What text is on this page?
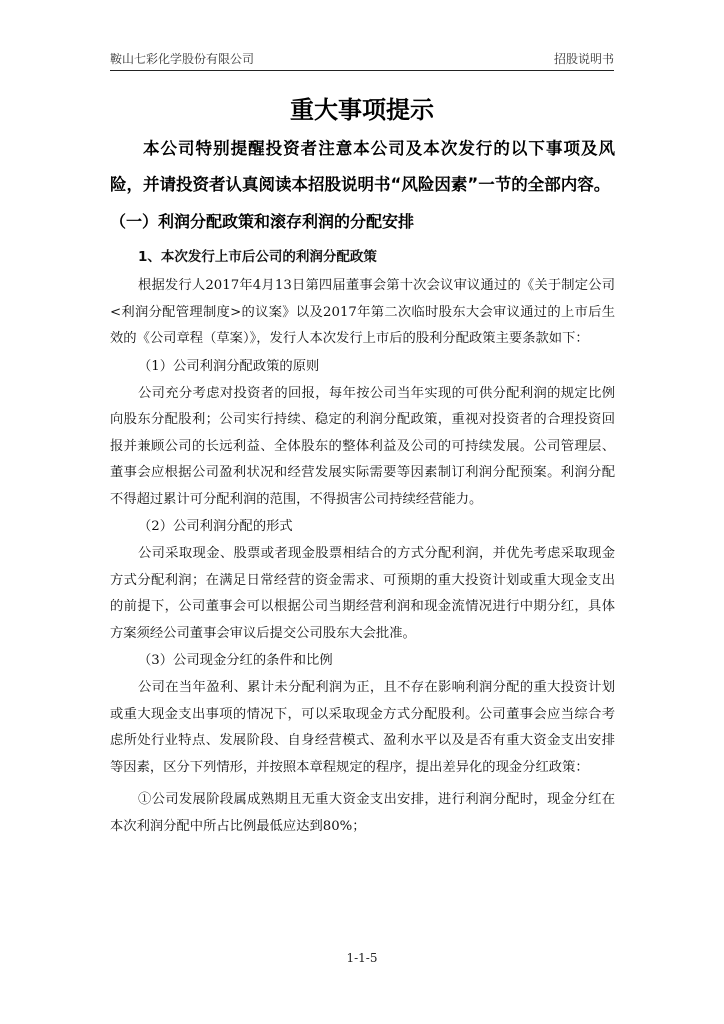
鞍山七彩化学股份有限公司	招股说明书
重大事项提示

本公司特别提醒投资者注意本公司及本次发行的以下事项及风险，并请投资者认真阅读本招股说明书“风险因素”一节的全部内容。

（一）利润分配政策和滚存利润的分配安排

1、本次发行上市后公司的利润分配政策

根据发行人2017年4月13日第四届董事会第十次会议审议通过的《关于制定公司<利润分配管理制度>的议案》以及2017年第二次临时股东大会审议通过的上市后生效的《公司章程（草案）》，发行人本次发行上市后的股利分配政策主要条款如下：

（1）公司利润分配政策的原则

公司充分考虑对投资者的回报，每年按公司当年实现的可供分配利润的规定比例向股东分配股利；公司实行持续、稳定的利润分配政策，重视对投资者的合理投资回报并兼顾公司的长远利益、全体股东的整体利益及公司的可持续发展。公司管理层、董事会应根据公司盈利状况和经营发展实际需要等因素制订利润分配预案。利润分配不得超过累计可分配利润的范围，不得损害公司持续经营能力。

（2）公司利润分配的形式

公司采取现金、股票或者现金股票相结合的方式分配利润，并优先考虑采取现金方式分配利润；在满足日常经营的资金需求、可预期的重大投资计划或重大现金支出的前提下，公司董事会可以根据公司当期经营利润和现金流情况进行中期分红，具体方案须经公司董事会审议后提交公司股东大会批准。

（3）公司现金分红的条件和比例

公司在当年盈利、累计未分配利润为正，且不存在影响利润分配的重大投资计划或重大现金支出事项的情况下，可以采取现金方式分配股利。公司董事会应当综合考虑所处行业特点、发展阶段、自身经营模式、盈利水平以及是否有重大资金支出安排等因素，区分下列情形，并按照本章程规定的程序，提出差异化的现金分红政策：

①公司发展阶段属成熟期且无重大资金支出安排，进行利润分配时，现金分红在本次利润分配中所占比例最低应达到80%；

1-1-5
